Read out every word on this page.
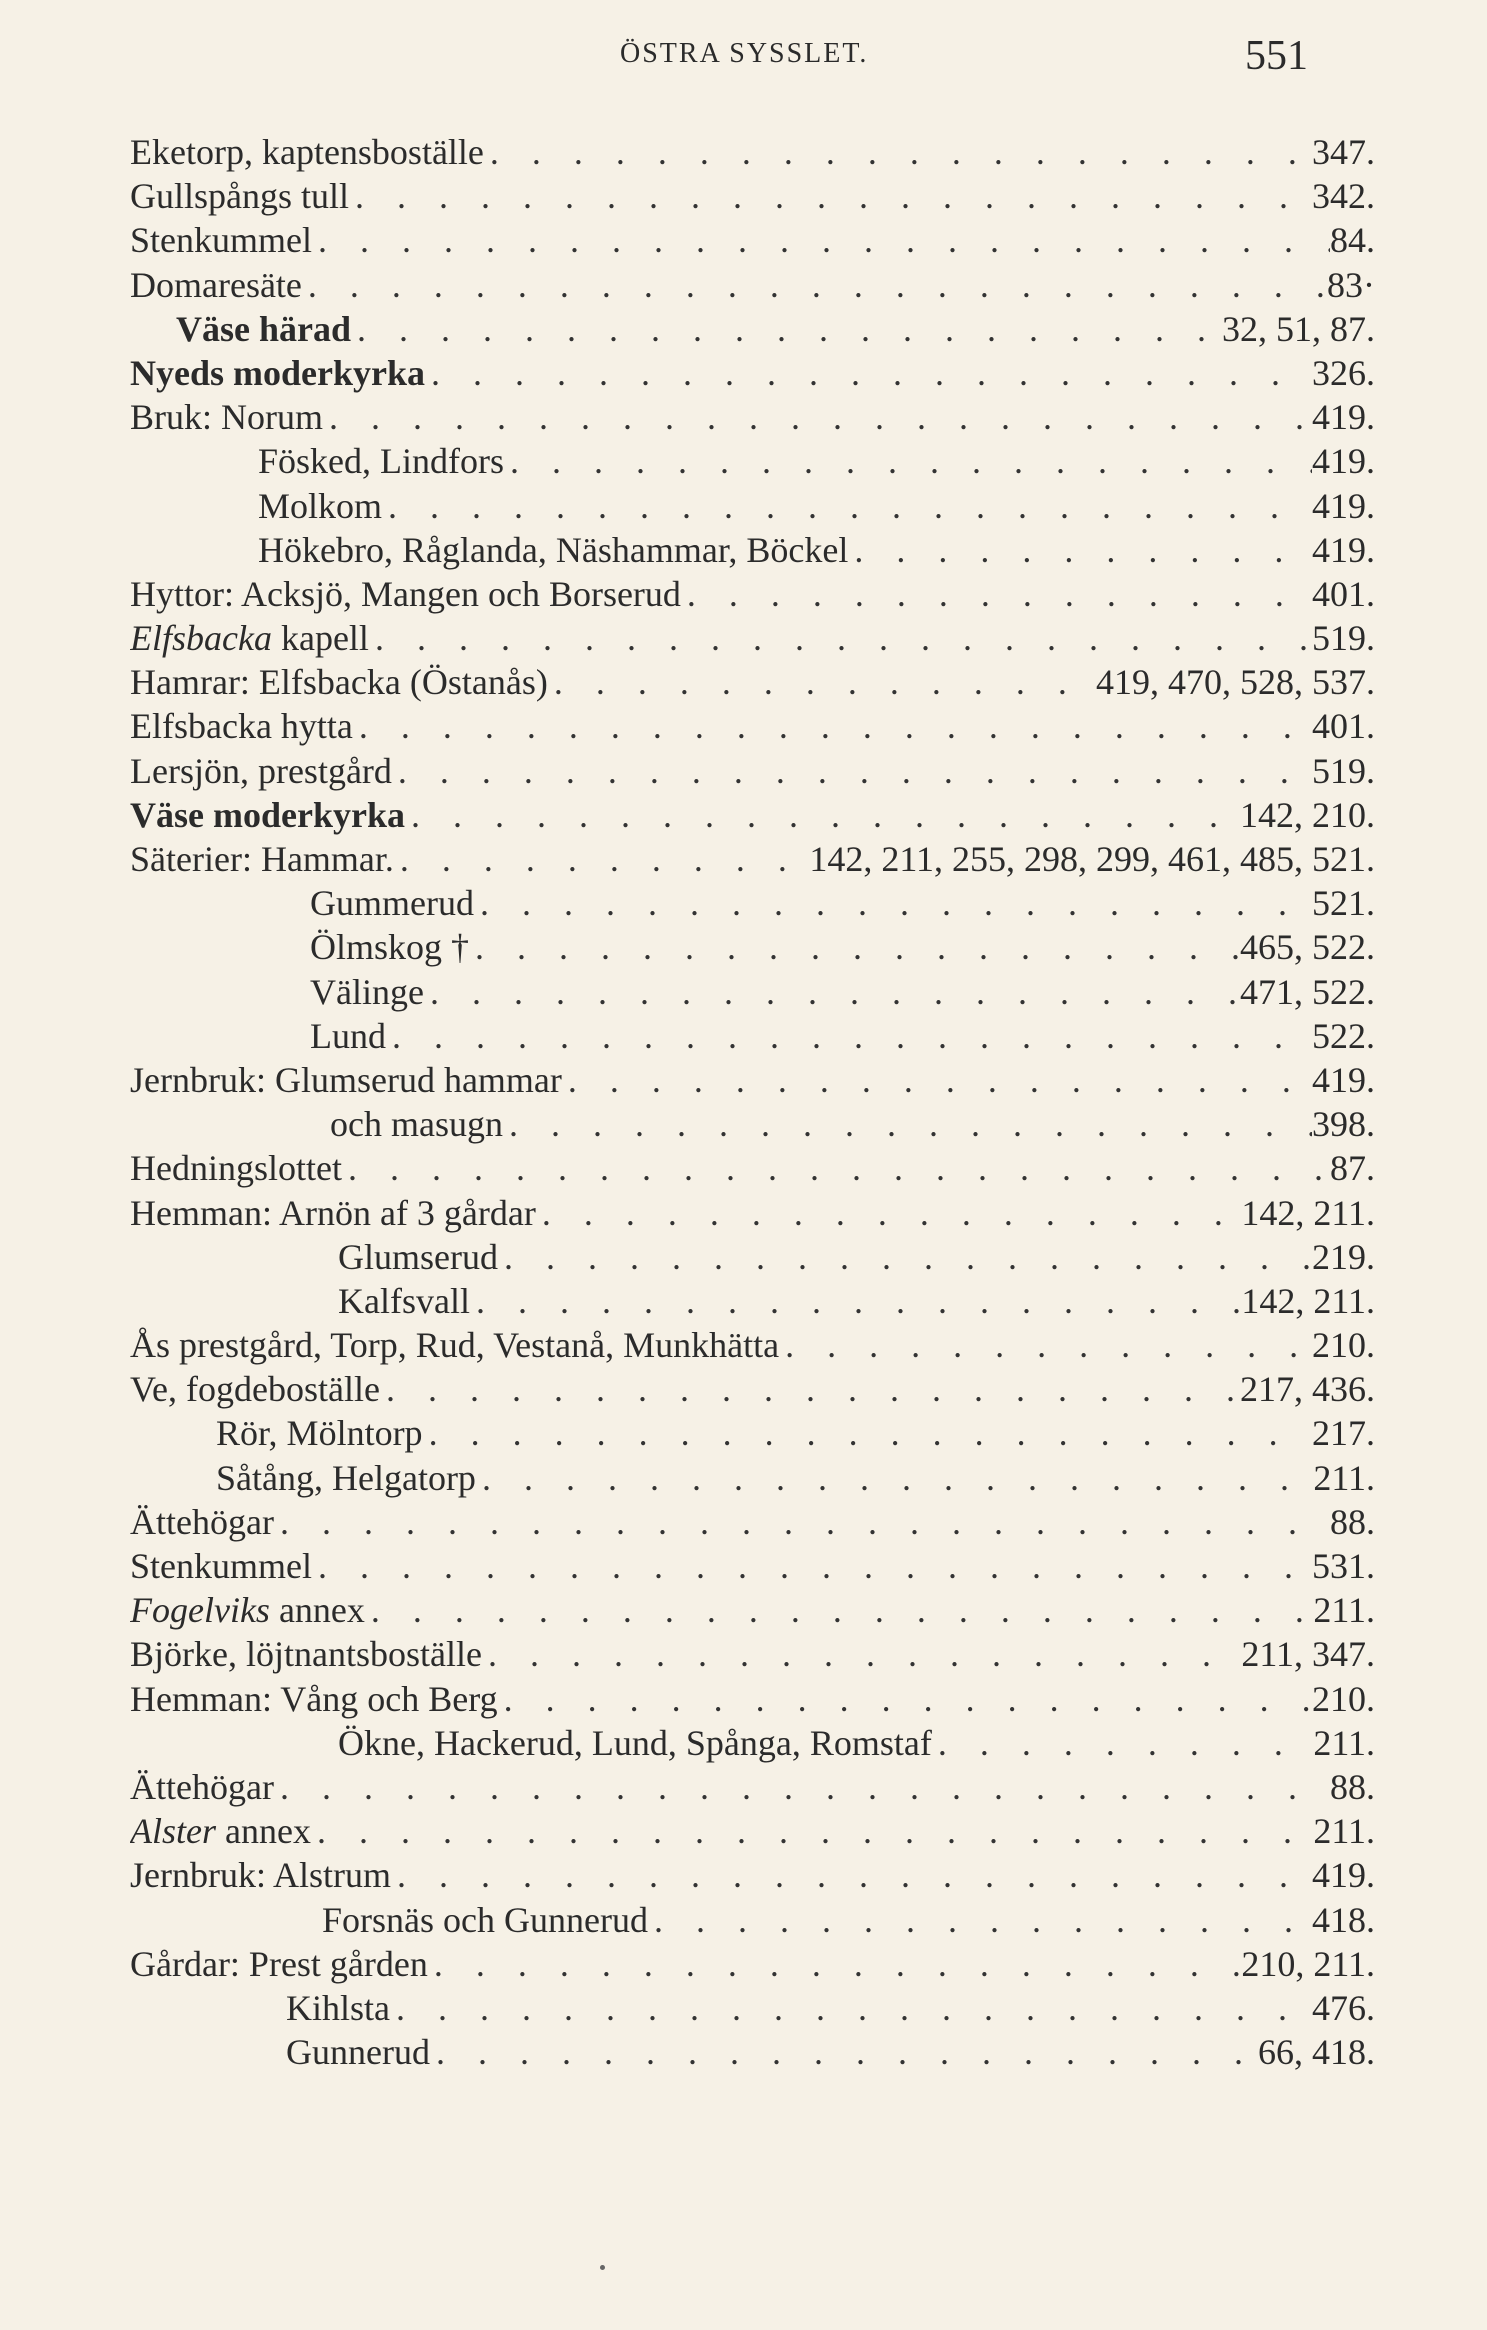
ÖSTRA SYSSLET.	551
Eketorp, kaptensboställe . . .	347.
Gullspångs tull . . .	342.
Stenkummel . . .	84.
Domaresäte . . .	83·
Väse härad . . .	32, 51, 87.
Nyeds moderkyrka . . .	326.
Bruk: Norum . . .	419.
Fösked, Lindfors . . .	419.
Molkom . . .	419.
Hökebro, Råglanda, Näshammar, Böckel . . .	419.
Hyttor: Acksjö, Mangen och Borserud . . .	401.
Elfsbacka kapell . . .	519.
Hamrar: Elfsbacka (Östanås) . . .	419, 470, 528, 537.
Elfsbacka hytta . . .	401.
Lersjön, prestgård . . .	519.
Väse moderkyrka . . .	142, 210.
Säterier: Hammar. . . .	142, 211, 255, 298, 299, 461, 485, 521.
Gummerud . . .	521.
Ölmskog † . . .	465, 522.
Välinge . . .	471, 522.
Lund . . .	522.
Jernbruk: Glumserud hammar . . .	419.
och masugn . . .	398.
Hedningslottet . . .	87.
Hemman: Arnön af 3 gårdar . . .	142, 211.
Glumserud . . .	219.
Kalfsvall . . .	142, 211.
Ås prestgård, Torp, Rud, Vestanå, Munkhätta . . .	210.
Ve, fogdeboställe . . .	217, 436.
Rör, Mölntorp . . .	217.
Såtång, Helgatorp . . .	211.
Ättehögar . . .	88.
Stenkummel . . .	531.
Fogelviks annex . . .	211.
Björke, löjtnantsboställe . . .	211, 347.
Hemman: Vång och Berg . . .	210.
Ökne, Hackerud, Lund, Spånga, Romstaf . . .	211.
Ättehögar . . .	88.
Alster annex . . .	211.
Jernbruk: Alstrum . . .	419.
Forsnäs och Gunnerud . . .	418.
Gårdar: Prest gården . . .	210, 211.
Kihlsta . . .	476.
Gunnerud . . .	66, 418.
